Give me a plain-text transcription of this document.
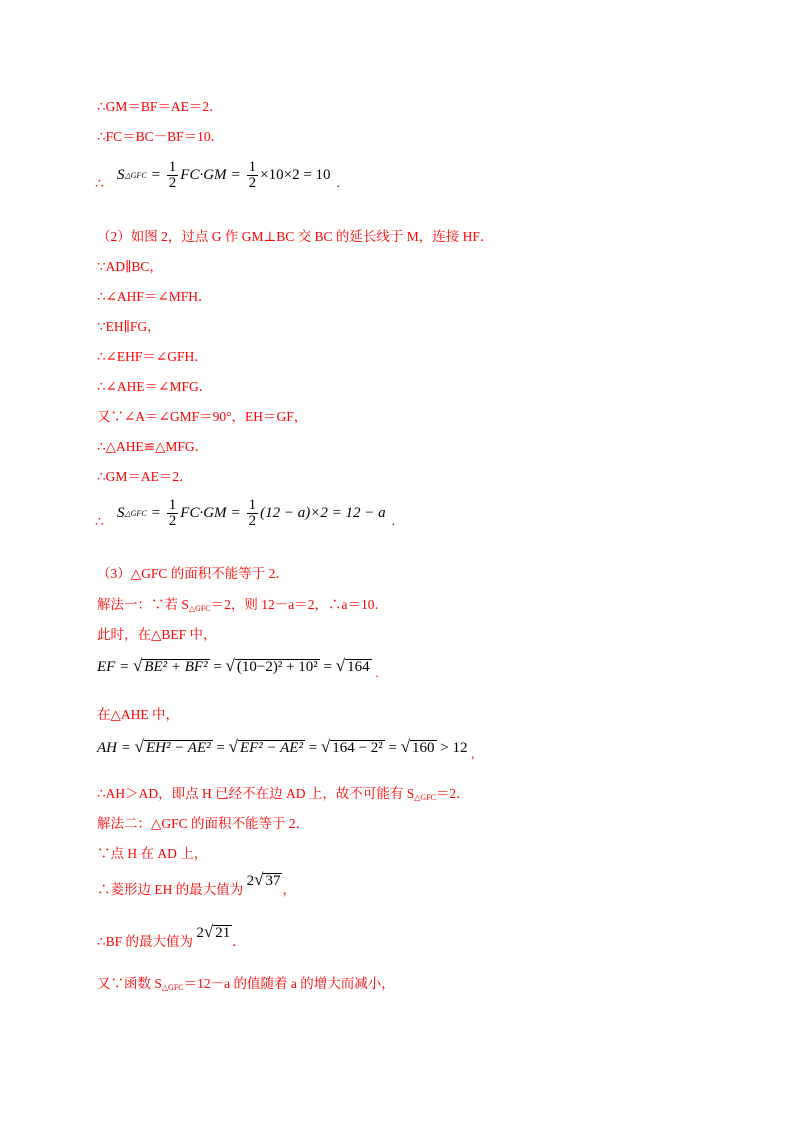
∴GM＝BF＝AE＝2．
∴FC＝BC－BF＝10．
S △GFC = $\frac{1}{2} FC\cdot GM = \frac{1}{2} \times 10\times 2 = 10$ .
∴
（2）如图 2，过点 G 作 GM⊥BC 交 BC 的延长线于 M，连接 HF．
∵AD∥BC，
∴∠AHF＝∠MFH．
∵EH∥FG，
∴∠EHF＝∠GFH．
∴∠AHE＝∠MFG．
又∵∠A＝∠GMF＝90°，EH＝GF，
∴△AHE≌△MFG．
∴GM＝AE＝2．
S △GFC = $\frac{1}{2} FC\cdot GM = \frac{1}{2} (12 - a)\times 2 = 12 - a$ .
∴
（3）△GFC 的面积不能等于 2．
解法一：∵若 S△GFC＝2，则 12－a＝2，∴a＝10．
此时，在△BEF 中，
EF = √ BE² + BF² = √ (10−2)² + 10² = √ 164 .
在△AHE 中，
AH = √ EH² − AE² = √ EF² − AE² = √ 164 − 2² = √ 160 > 12 ,
∴AH＞AD，即点 H 已经不在边 AD 上，故不可能有 S△GFC＝2．
解法二：△GFC 的面积不能等于 2．
∵点 H 在 AD 上，
∴菱形边 EH 的最大值为 2√ 37，
∴BF 的最大值为 2√ 21．
又∵函数 S△GFC＝12－a 的值随着 a 的增大而减小，
